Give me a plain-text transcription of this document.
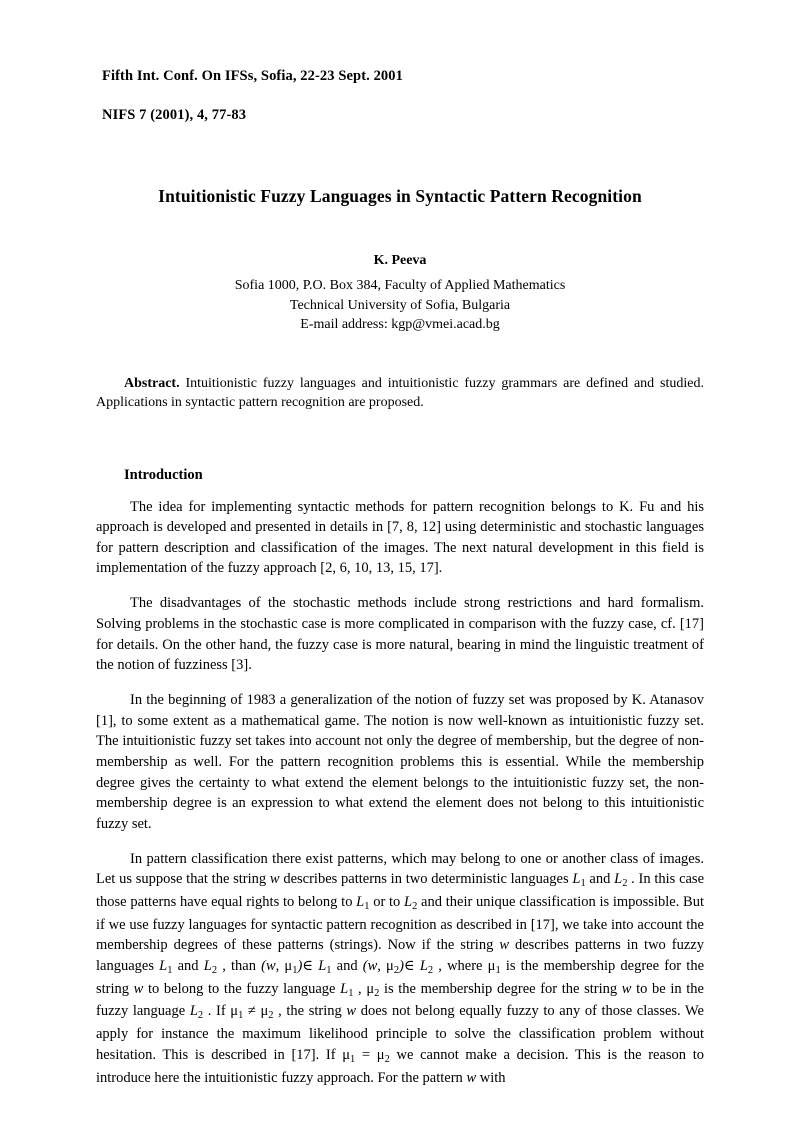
Fifth Int. Conf. On IFSs, Sofia, 22-23 Sept. 2001
NIFS 7 (2001), 4, 77-83
Intuitionistic Fuzzy Languages in Syntactic Pattern Recognition
K. Peeva
Sofia 1000, P.O. Box 384, Faculty of Applied Mathematics
Technical University of Sofia, Bulgaria
E-mail address: kgp@vmei.acad.bg
Abstract. Intuitionistic fuzzy languages and intuitionistic fuzzy grammars are defined and studied. Applications in syntactic pattern recognition are proposed.
Introduction

The idea for implementing syntactic methods for pattern recognition belongs to K. Fu and his approach is developed and presented in details in [7, 8, 12] using deterministic and stochastic languages for pattern description and classification of the images. The next natural development in this field is implementation of the fuzzy approach [2, 6, 10, 13, 15, 17].

The disadvantages of the stochastic methods include strong restrictions and hard formalism. Solving problems in the stochastic case is more complicated in comparison with the fuzzy case, cf. [17] for details. On the other hand, the fuzzy case is more natural, bearing in mind the linguistic treatment of the notion of fuzziness [3].

In the beginning of 1983 a generalization of the notion of fuzzy set was proposed by K. Atanasov [1], to some extent as a mathematical game. The notion is now well-known as intuitionistic fuzzy set. The intuitionistic fuzzy set takes into account not only the degree of membership, but the degree of non-membership as well. For the pattern recognition problems this is essential. While the membership degree gives the certainty to what extend the element belongs to the intuitionistic fuzzy set, the non-membership degree is an expression to what extend the element does not belong to this intuitionistic fuzzy set.

In pattern classification there exist patterns, which may belong to one or another class of images. Let us suppose that the string w describes patterns in two deterministic languages $L_1$ and $L_2$ . In this case those patterns have equal rights to belong to $L_1$ or to $L_2$ and their unique classification is impossible. But if we use fuzzy languages for syntactic pattern recognition as described in [17], we take into account the membership degrees of these patterns (strings). Now if the string w describes patterns in two fuzzy languages $L_1$ and $L_2$ , than (w, $\mu_1)\in$ $L_1$ and (w, $\mu_2)\in$ $L_2$ , where $\mu_1$ is the membership degree for the string w to belong to the fuzzy language $L_1$ , $\mu_2$ is the membership degree for the string w to be in the fuzzy language $L_2$ . If $\mu_1 \ne \mu_2$ , the string w does not belong equally fuzzy to any of those classes. We apply for instance the maximum likelihood principle to solve the classification problem without hesitation. This is described in [17]. If $\mu_1 = \mu_2$ we cannot make a decision. This is the reason to introduce here the intuitionistic fuzzy approach. For the pattern w with
